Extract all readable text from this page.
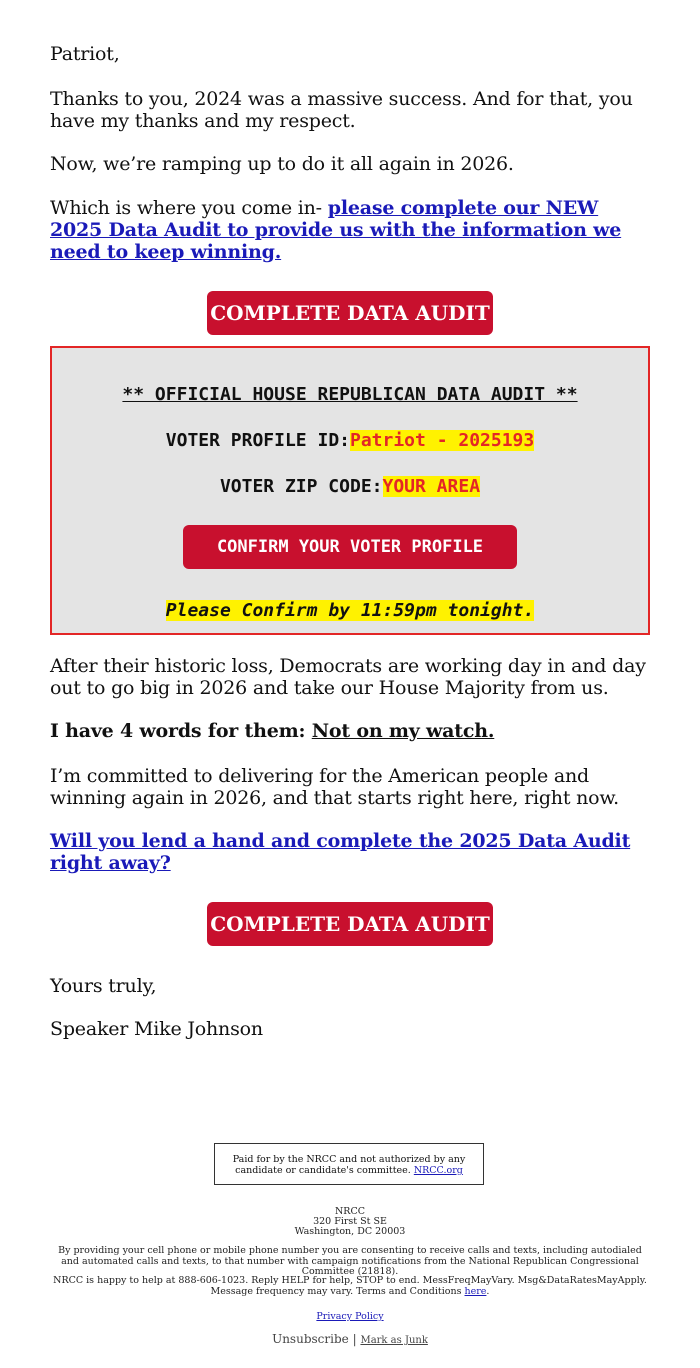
Patriot,

Thanks to you, 2024 was a massive success. And for that, you have my thanks and my respect.

Now, we’re ramping up to do it all again in 2026.

Which is where you come in- please complete our NEW 2025 Data Audit to provide us with the information we need to keep winning.

COMPLETE DATA AUDIT
** OFFICIAL HOUSE REPUBLICAN DATA AUDIT **
VOTER PROFILE ID:Patriot - 2025193
VOTER ZIP CODE:YOUR AREA
CONFIRM YOUR VOTER PROFILE
Please Confirm by 11:59pm tonight.

After their historic loss, Democrats are working day in and day out to go big in 2026 and take our House Majority from us.

I have 4 words for them: Not on my watch.

I’m committed to delivering for the American people and winning again in 2026, and that starts right here, right now.

Will you lend a hand and complete the 2025 Data Audit right away?

COMPLETE DATA AUDIT

Yours truly,

Speaker Mike Johnson

Paid for by the NRCC and not authorized by any candidate or candidate's committee. NRCC.org
NRCC
320 First St SE
Washington, DC 20003
By providing your cell phone or mobile phone number you are consenting to receive calls and texts, including autodialed and automated calls and texts, to that number with campaign notifications from the National Republican Congressional Committee (21818).
NRCC is happy to help at 888-606-1023. Reply HELP for help, STOP to end. MessFreqMayVary. Msg&DataRatesMayApply. Message frequency may vary. Terms and Conditions here.
Privacy Policy
Unsubscribe | Mark as Junk
